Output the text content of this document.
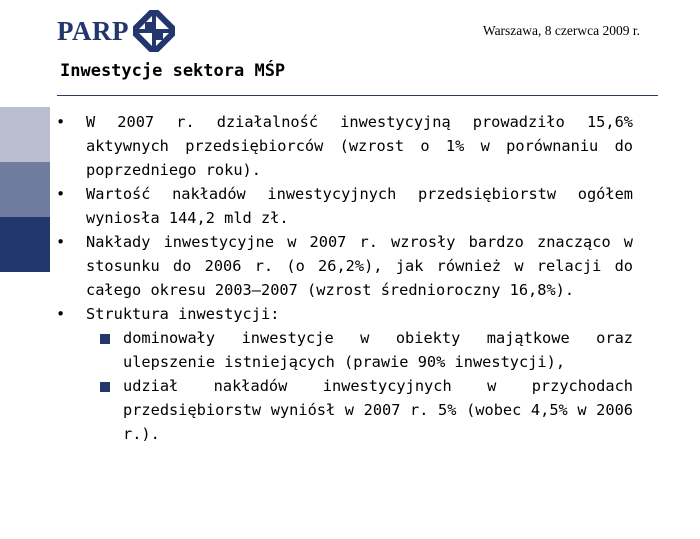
PARP	Warszawa, 8 czerwca 2009 r.
Inwestycje sektora MŚP
• W 2007 r. działalność inwestycyjną prowadziło 15,6% aktywnych przedsiębiorców (wzrost o 1% w porównaniu do poprzedniego roku).
• Wartość nakładów inwestycyjnych przedsiębiorstw ogółem wyniosła 144,2 mld zł.
• Nakłady inwestycyjne w 2007 r. wzrosły bardzo znacząco w stosunku do 2006 r. (o 26,2%), jak również w relacji do całego okresu 2003–2007 (wzrost średnioroczny 16,8%).
• Struktura inwestycji:
dominowały inwestycje w obiekty majątkowe oraz ulepszenie istniejących (prawie 90% inwestycji),
udział nakładów inwestycyjnych w przychodach przedsiębiorstw wyniósł w 2007 r. 5% (wobec 4,5% w 2006 r.).
